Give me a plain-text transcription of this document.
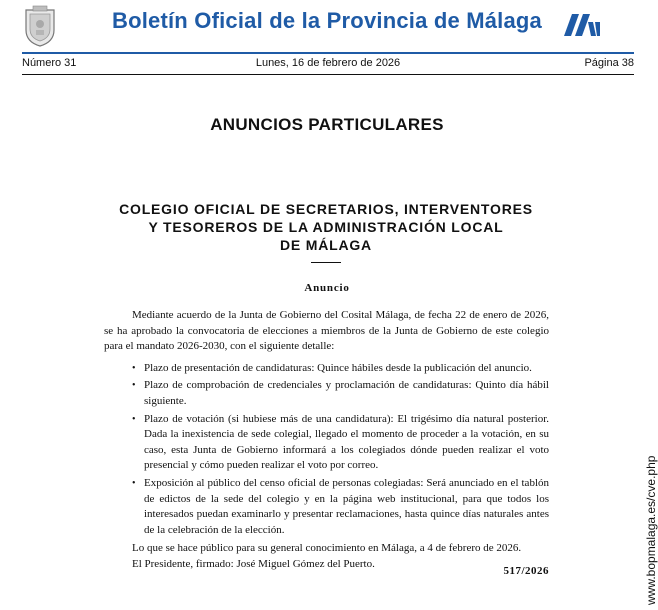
Boletín Oficial de la Provincia de Málaga
Lunes, 16 de febrero de 2026
Número 31	Página 38
ANUNCIOS PARTICULARES
COLEGIO OFICIAL DE SECRETARIOS, INTERVENTORES
Y TESOREROS DE LA ADMINISTRACIÓN LOCAL
DE MÁLAGA
Anuncio

Mediante acuerdo de la Junta de Gobierno del Cosital Málaga, de fecha 22 de enero de 2026, se ha aprobado la convocatoria de elecciones a miembros de la Junta de Gobierno de este colegio para el mandato 2026-2030, con el siguiente detalle:

• Plazo de presentación de candidaturas: Quince hábiles desde la publicación del anuncio.
• Plazo de comprobación de credenciales y proclamación de candidaturas: Quinto día hábil siguiente.
• Plazo de votación (si hubiese más de una candidatura): El trigésimo día natural posterior. Dada la inexistencia de sede colegial, llegado el momento de proceder a la votación, en su caso, esta Junta de Gobierno informará a los colegiados dónde pueden realizar el voto presencial y cómo pueden realizar el voto por correo.
• Exposición al público del censo oficial de personas colegiadas: Será anunciado en el tablón de edictos de la sede del colegio y en la página web institucional, para que todos los interesados puedan examinarlo y presentar reclamaciones, hasta quince días naturales antes de la celebración de la elección.

Lo que se hace público para su general conocimiento en Málaga, a 4 de febrero de 2026.

El Presidente, firmado: José Miguel Gómez del Puerto.

517/2026	www.bopmalaga.es/cve.php
